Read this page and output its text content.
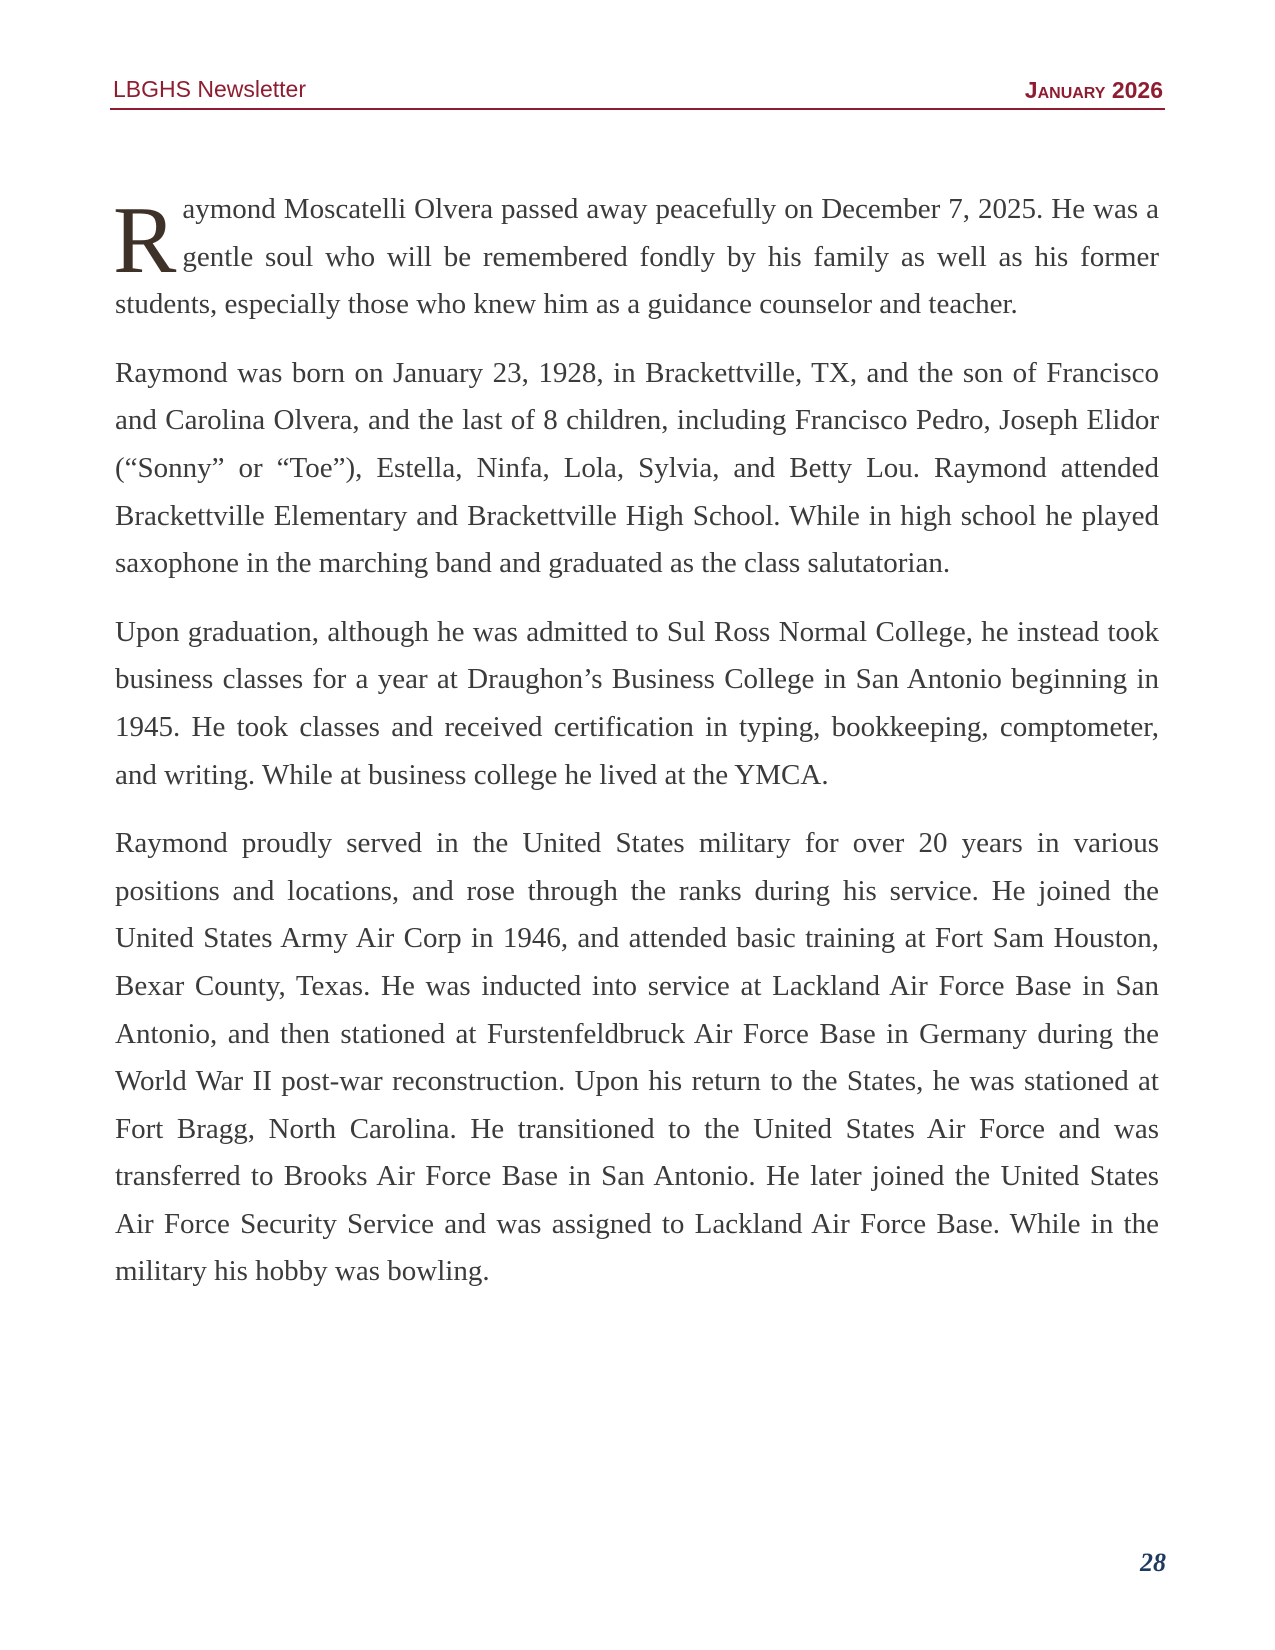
LBGHS Newsletter	January 2026

Raymond Moscatelli Olvera passed away peacefully on December 7, 2025. He was a gentle soul who will be remembered fondly by his family as well as his former students, especially those who knew him as a guidance counselor and teacher.

Raymond was born on January 23, 1928, in Brackettville, TX, and the son of Francisco and Carolina Olvera, and the last of 8 children, including Francisco Pedro, Joseph Elidor (“Sonny” or “Toe”), Estella, Ninfa, Lola, Sylvia, and Betty Lou. Raymond attended Brackettville Elementary and Brackettville High School. While in high school he played saxophone in the marching band and graduated as the class salutatorian.

Upon graduation, although he was admitted to Sul Ross Normal College, he instead took business classes for a year at Draughon’s Business College in San Antonio beginning in 1945. He took classes and received certification in typing, bookkeeping, comptometer, and writing. While at business college he lived at the YMCA.

Raymond proudly served in the United States military for over 20 years in various positions and locations, and rose through the ranks during his service. He joined the United States Army Air Corp in 1946, and attended basic training at Fort Sam Houston, Bexar County, Texas. He was inducted into service at Lackland Air Force Base in San Antonio, and then stationed at Furstenfeldbruck Air Force Base in Germany during the World War II post-war reconstruction. Upon his return to the States, he was stationed at Fort Bragg, North Carolina. He transitioned to the United States Air Force and was transferred to Brooks Air Force Base in San Antonio. He later joined the United States Air Force Security Service and was assigned to Lackland Air Force Base. While in the military his hobby was bowling.

28
